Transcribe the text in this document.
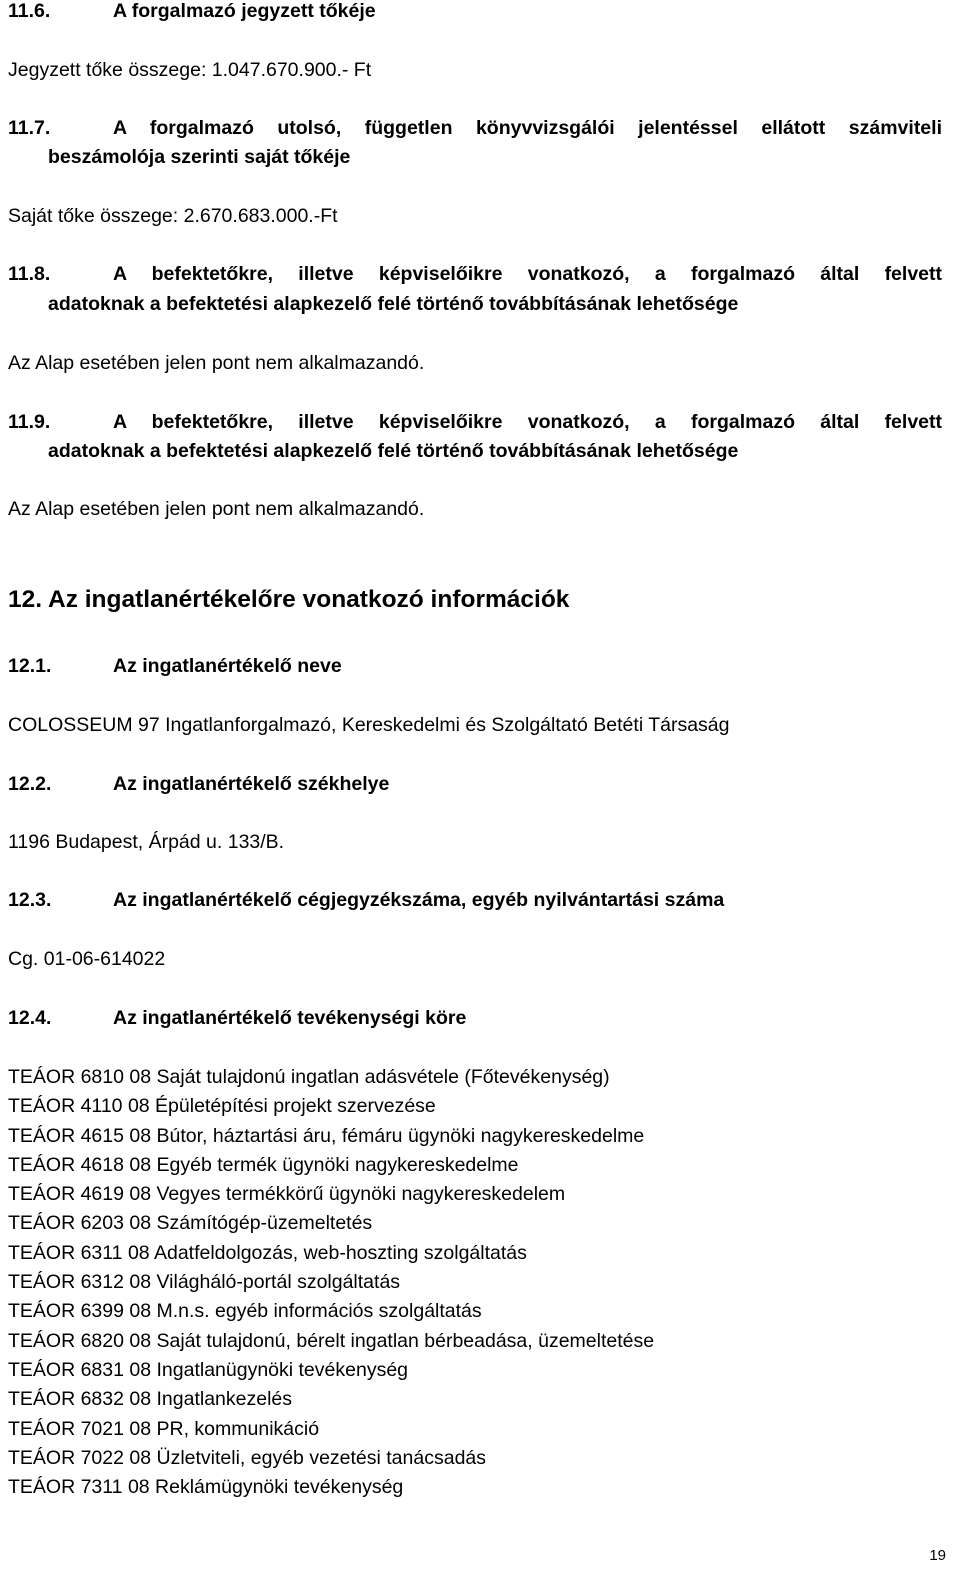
11.6.	A forgalmazó jegyzett tőkéje
Jegyzett tőke összege: 1.047.670.900.- Ft
11.7.	A forgalmazó utolsó, független könyvvizsgálói jelentéssel ellátott számviteli
beszámolója szerinti saját tőkéje
Saját tőke összege: 2.670.683.000.-Ft
11.8.	A befektetőkre, illetve képviselőikre vonatkozó, a forgalmazó által felvett
adatoknak a befektetési alapkezelő felé történő továbbításának lehetősége
Az Alap esetében jelen pont nem alkalmazandó.
11.9.	A befektetőkre, illetve képviselőikre vonatkozó, a forgalmazó által felvett
adatoknak a befektetési alapkezelő felé történő továbbításának lehetősége
Az Alap esetében jelen pont nem alkalmazandó.
12. Az ingatlanértékelőre vonatkozó információk
12.1.	Az ingatlanértékelő neve
COLOSSEUM 97 Ingatlanforgalmazó, Kereskedelmi és Szolgáltató Betéti Társaság
12.2.	Az ingatlanértékelő székhelye
1196 Budapest, Árpád u. 133/B.
12.3.	Az ingatlanértékelő cégjegyzékszáma, egyéb nyilvántartási száma
Cg. 01-06-614022
12.4.	Az ingatlanértékelő tevékenységi köre
TEÁOR 6810 08 Saját tulajdonú ingatlan adásvétele (Főtevékenység)
TEÁOR 4110 08 Épületépítési projekt szervezése
TEÁOR 4615 08 Bútor, háztartási áru, fémáru ügynöki nagykereskedelme
TEÁOR 4618 08 Egyéb termék ügynöki nagykereskedelme
TEÁOR 4619 08 Vegyes termékkörű ügynöki nagykereskedelem
TEÁOR 6203 08 Számítógép-üzemeltetés
TEÁOR 6311 08 Adatfeldolgozás, web-hoszting szolgáltatás
TEÁOR 6312 08 Világháló-portál szolgáltatás
TEÁOR 6399 08 M.n.s. egyéb információs szolgáltatás
TEÁOR 6820 08 Saját tulajdonú, bérelt ingatlan bérbeadása, üzemeltetése
TEÁOR 6831 08 Ingatlanügynöki tevékenység
TEÁOR 6832 08 Ingatlankezelés
TEÁOR 7021 08 PR, kommunikáció
TEÁOR 7022 08 Üzletviteli, egyéb vezetési tanácsadás
TEÁOR 7311 08 Reklámügynöki tevékenység
19
